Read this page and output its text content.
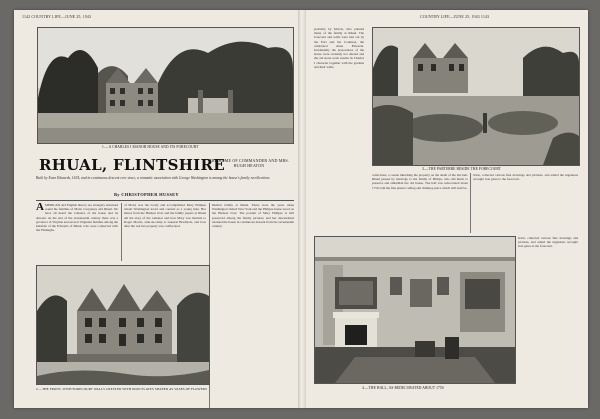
1142 COUNTRY LIFE—JUNE 25, 1943
1.—A CHARLES I MANOR HOUSE AND ITS FORECOURT
RHUAL, FLINTSHIRE
THE HOME OF COMMANDER AND MRS. HUGH HEATON
Built by Evan Edwards, 1634, and in continuous descent ever since, a romantic association with George Washington is among the house's family recollections
By CHRISTOPHER HUSSEY
AMERICAN and English history are strangely entwined round the families of Mold, Gwysaney and Rhual. We have all heard the romance of the house and its descent. At the end of the seventeenth century there was a governor of Virginia and several Virginian families among the kinsfolk of the Edwards of Rhual, who were connected with the Fitzhughs.
of Mold, was the lovely and accomplished Mary Philipse whom Washington loved and courted as a young man. Her letters from the Hudson river and the family papers at Rhual tell the story of the romance and how Mary was married to Roger Morris, aide-de-camp to General Braddock, and how after the war her property was confiscated.
Dunbar family at Rhual. These were the years when Washington visited New York and the Philipse house stood on the Hudson river. The portrait of Mary Philipse is still preserved among the family pictures, and her descendants retained the house in continuous descent from the seventeenth century.
2.—THE FRONT, WITH FORECOURT WALLS CRESTED WITH IRON PLATES SHAPED AS VASES OF FLOWERS
COUNTRY LIFE—JUNE 25, 1943 1143
probably by Morris, who painted many of the family at Rhual. The forecourt and walls were laid out by the Earl and his Countess, the celebrated Anne Edwards. Incidentally the proportions of the house were certainly not altered and the old stone work retains its Charles I character together with the gardens and their walls.
3.—THE PARTERRE BESIDE THE FORECOURT
collections, a cousin inheriting the property on the death of the last heir. Rhual passed by marriage to the family of Philips, who did much to preserve and embellish the old house. The hall was redecorated about 1750 with the fine plaster ceiling and chimney-piece which still survive.
brick, collected various fine drawings and pictures, and added the ingenious wrought iron gates to the forecourt.
4.—THE HALL, AS REDECORATED ABOUT 1750
brick, collected various fine drawings and pictures, and added the ingenious wrought iron gates to the forecourt.
